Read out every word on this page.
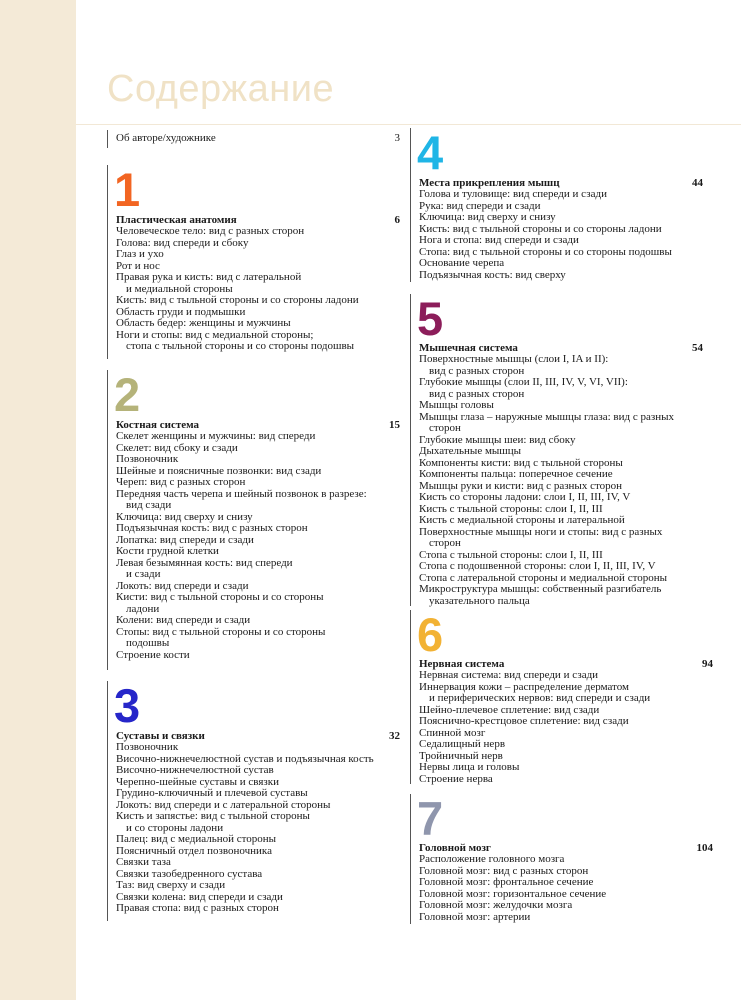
Содержание
Об авторе/художнике	3
1
Пластическая анатомия	6
Человеческое тело: вид с разных сторон
Голова: вид спереди и сбоку
Глаз и ухо
Рот и нос
Правая рука и кисть: вид с латеральной
и медиальной стороны
Кисть: вид с тыльной стороны и со стороны ладони
Область груди и подмышки
Область бедер: женщины и мужчины
Ноги и стопы: вид с медиальной стороны;
стопа с тыльной стороны и со стороны подошвы
2
Костная система	15
Скелет женщины и мужчины: вид спереди
Скелет: вид сбоку и сзади
Позвоночник
Шейные и поясничные позвонки: вид сзади
Череп: вид с разных сторон
Передняя часть черепа и шейный позвонок в разрезе:
вид сзади
Ключица: вид сверху и снизу
Подъязычная кость: вид с разных сторон
Лопатка: вид спереди и сзади
Кости грудной клетки
Левая безымянная кость: вид спереди
и сзади
Локоть: вид спереди и сзади
Кисти: вид с тыльной стороны и со стороны
ладони
Колени: вид спереди и сзади
Стопы: вид с тыльной стороны и со стороны
подошвы
Строение кости
3
Суставы и связки	32
Позвоночник
Височно-нижнечелюстной сустав и подъязычная кость
Височно-нижнечелюстной сустав
Черепно-шейные суставы и связки
Грудино-ключичный и плечевой суставы
Локоть: вид спереди и с латеральной стороны
Кисть и запястье: вид с тыльной стороны
и со стороны ладони
Палец: вид с медиальной стороны
Поясничный отдел позвоночника
Связки таза
Связки тазобедренного сустава
Таз: вид сверху и сзади
Связки колена: вид спереди и сзади
Правая стопа: вид с разных сторон
4
Места прикрепления мышц	44
Голова и туловище: вид спереди и сзади
Рука: вид спереди и сзади
Ключица: вид сверху и снизу
Кисть: вид с тыльной стороны и со стороны ладони
Нога и стопа: вид спереди и сзади
Стопа: вид с тыльной стороны и со стороны подошвы
Основание черепа
Подъязычная кость: вид сверху
5
Мышечная система	54
Поверхностные мышцы (слои I, IA и II):
вид с разных сторон
Глубокие мышцы (слои II, III, IV, V, VI, VII):
вид с разных сторон
Мышцы головы
Мышцы глаза – наружные мышцы глаза: вид с разных
сторон
Глубокие мышцы шеи: вид сбоку
Дыхательные мышцы
Компоненты кисти: вид с тыльной стороны
Компоненты пальца: поперечное сечение
Мышцы руки и кисти: вид с разных сторон
Кисть со стороны ладони: слои I, II, III, IV, V
Кисть с тыльной стороны: слои I, II, III
Кисть с медиальной стороны и латеральной
Поверхностные мышцы ноги и стопы: вид с разных
сторон
Стопа с тыльной стороны: слои I, II, III
Стопа с подошвенной стороны: слои I, II, III, IV, V
Стопа с латеральной стороны и медиальной стороны
Микроструктура мышцы: собственный разгибатель
указательного пальца
6
Нервная система	94
Нервная система: вид спереди и сзади
Иннервация кожи – распределение дерматом
и периферических нервов: вид спереди и сзади
Шейно-плечевое сплетение: вид сзади
Пояснично-крестцовое сплетение: вид сзади
Спинной мозг
Седалищный нерв
Тройничный нерв
Нервы лица и головы
Строение нерва
7
Головной мозг	104
Расположение головного мозга
Головной мозг: вид с разных сторон
Головной мозг: фронтальное сечение
Головной мозг: горизонтальное сечение
Головной мозг: желудочки мозга
Головной мозг: артерии
